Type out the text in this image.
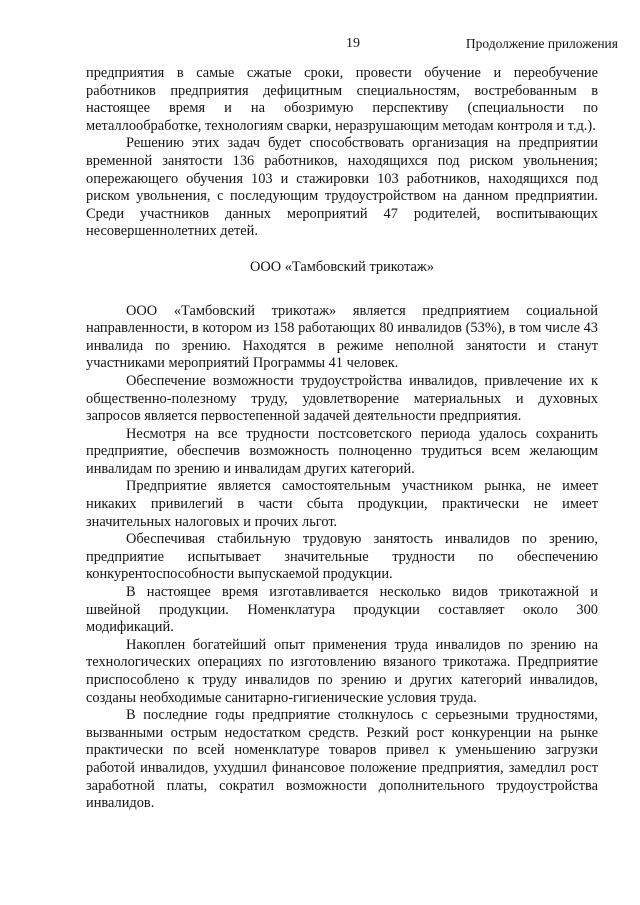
19	Продолжение приложения

предприятия в самые сжатые сроки, провести обучение и переобучение работников предприятия дефицитным специальностям, востребованным в настоящее время и на обозримую перспективу (специальности по металлообработке, технологиям сварки, неразрушающим методам контроля и т.д.).

Решению этих задач будет способствовать организация на предприятии временной занятости 136 работников, находящихся под риском увольнения; опережающего обучения 103 и стажировки 103 работников, находящихся под риском увольнения, с последующим трудоустройством на данном предприятии. Среди участников данных мероприятий 47 родителей, воспитывающих несовершеннолетних детей.

ООО «Тамбовский трикотаж»

ООО «Тамбовский трикотаж» является предприятием социальной направленности, в котором из 158 работающих 80 инвалидов (53%), в том числе 43 инвалида по зрению. Находятся в режиме неполной занятости и станут участниками мероприятий Программы 41 человек.

Обеспечение возможности трудоустройства инвалидов, привлечение их к общественно-полезному труду, удовлетворение материальных и духовных запросов является первостепенной задачей деятельности предприятия.

Несмотря на все трудности постсоветского периода удалось сохранить предприятие, обеспечив возможность полноценно трудиться всем желающим инвалидам по зрению и инвалидам других категорий.

Предприятие является самостоятельным участником рынка, не имеет никаких привилегий в части сбыта продукции, практически не имеет значительных налоговых и прочих льгот.

Обеспечивая стабильную трудовую занятость инвалидов по зрению, предприятие испытывает значительные трудности по обеспечению конкурентоспособности выпускаемой продукции.

В настоящее время изготавливается несколько видов трикотажной и швейной продукции. Номенклатура продукции составляет около 300 модификаций.

Накоплен богатейший опыт применения труда инвалидов по зрению на технологических операциях по изготовлению вязаного трикотажа. Предприятие приспособлено к труду инвалидов по зрению и других категорий инвалидов, созданы необходимые санитарно-гигиенические условия труда.

В последние годы предприятие столкнулось с серьезными трудностями, вызванными острым недостатком средств. Резкий рост конкуренции на рынке практически по всей номенклатуре товаров привел к уменьшению загрузки работой инвалидов, ухудшил финансовое положение предприятия, замедлил рост заработной платы, сократил возможности дополнительного трудоустройства инвалидов.
